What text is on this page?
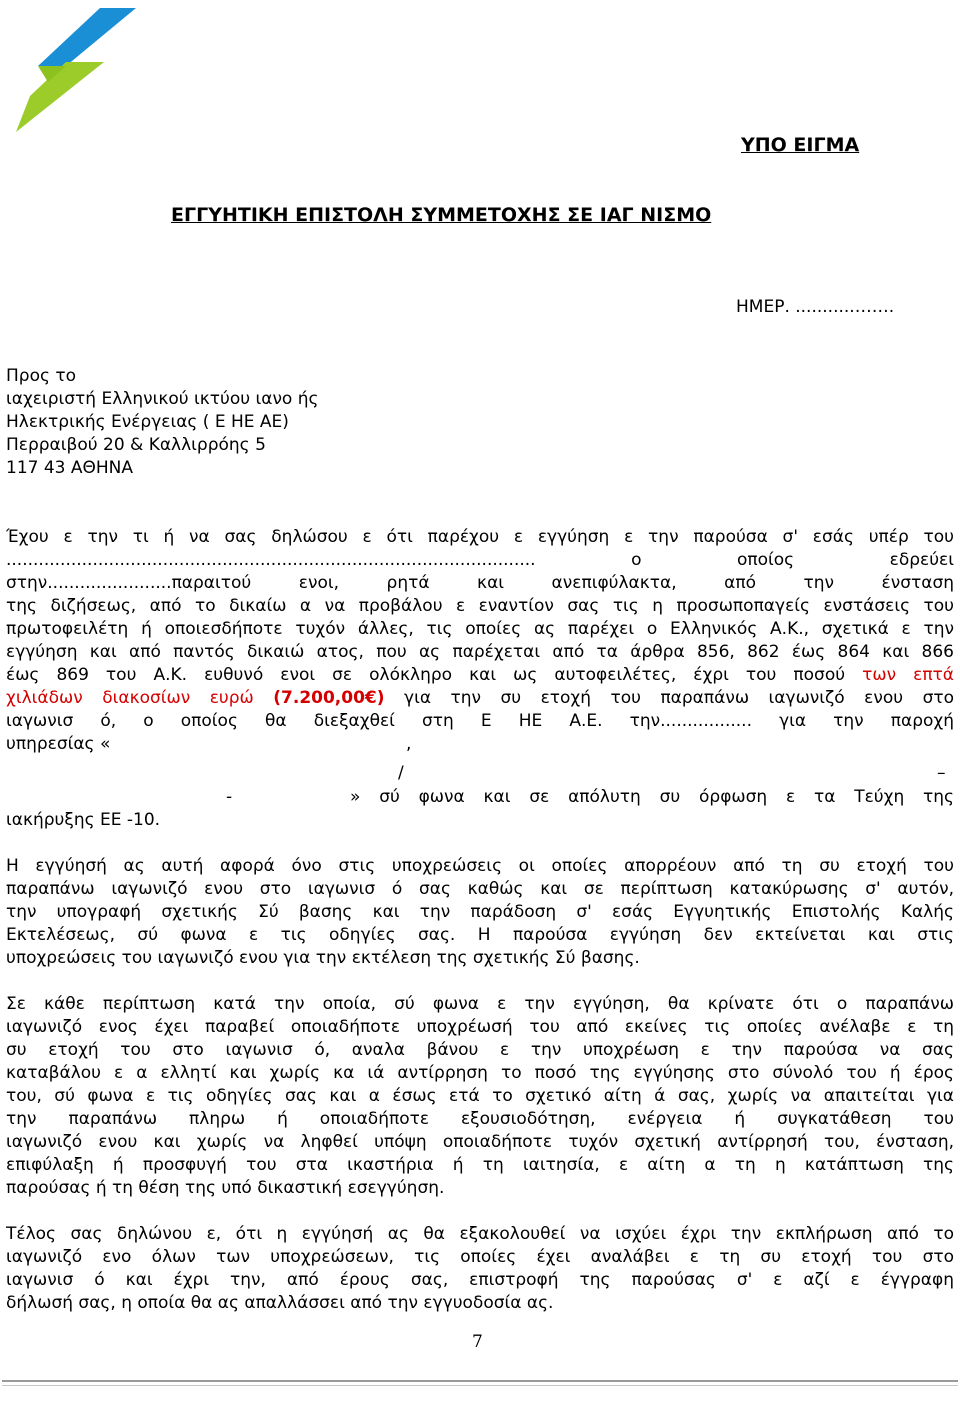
ΥΠΟ ΕΙΓΜΑ
ΕΓΓΥΗΤΙΚΗ ΕΠΙΣΤΟΛΗ ΣΥΜΜΕΤΟΧΗΣ ΣΕ ΙΑΓ ΝΙΣΜΟ
ΗΜΕΡ. ...........…….
Προς το
ιαχειριστή Ελληνικού ικτύου ιανο ής
Ηλεκτρικής Ενέργειας ( Ε ΗΕ ΑΕ)
Περραιβού 20 & Καλλιρρόης 5
117 43 ΑΘΗΝΑ
Έχου ε την τι ή να σας δηλώσου ε ότι παρέχου ε εγγύηση ε την παρούσα σ' εσάς υπέρ του
..................................................................................................	ο οποίος εδρεύει
στην.......................παραιτού ενοι, ρητά και ανεπιφύλακτα, από την ένσταση
της διζήσεως, από το δικαίω α να προβάλου ε εναντίον σας τις η προσωποπαγείς ενστάσεις του
πρωτοφειλέτη ή οποιεσδήποτε τυχόν άλλες, τις οποίες ας παρέχει ο Ελληνικός Α.Κ., σχετικά ε την
εγγύηση και από παντός δικαιώ ατος, που ας παρέχεται από τα άρθρα 856, 862 έως 864 και 866
έως 869 του Α.Κ. ευθυνό ενοι σε ολόκληρο και ως αυτοφειλέτες, έχρι του ποσού των επτά
χιλιάδων διακοσίων ευρώ (7.200,00€) για την συ ετοχή του παραπάνω ιαγωνιζό ενου στο
ιαγωνισ ό, ο οποίος θα διεξαχθεί στη Ε ΗΕ Α.Ε. την................. για την παροχή
υπηρεσίας «	,
/	–
-	» σύ φωνα και σε απόλυτη συ όρφωση ε τα Τεύχη της
ιακήρυξης ΕΕ -10.
Η εγγύησή ας αυτή αφορά όνο στις υποχρεώσεις οι οποίες απορρέουν από τη συ ετοχή του
παραπάνω ιαγωνιζό ενου στο ιαγωνισ ό σας καθώς και σε περίπτωση κατακύρωσης σ' αυτόν,
την υπογραφή σχετικής Σύ βασης και την παράδοση σ' εσάς Εγγυητικής Επιστολής Καλής
Εκτελέσεως, σύ φωνα ε τις οδηγίες σας. Η παρούσα εγγύηση δεν εκτείνεται και στις
υποχρεώσεις του ιαγωνιζό ενου για την εκτέλεση της σχετικής Σύ βασης.
Σε κάθε περίπτωση κατά την οποία, σύ φωνα ε την εγγύηση, θα κρίνατε ότι ο παραπάνω
ιαγωνιζό ενος έχει παραβεί οποιαδήποτε υποχρέωσή του από εκείνες τις οποίες ανέλαβε ε τη
συ ετοχή του στο ιαγωνισ ό, αναλα βάνου ε την υποχρέωση ε την παρούσα να σας
καταβάλου ε α ελλητί και χωρίς κα ιά αντίρρηση το ποσό της εγγύησης στο σύνολό του ή έρος
του, σύ φωνα ε τις οδηγίες σας και α έσως ετά το σχετικό αίτη ά σας, χωρίς να απαιτείται για
την παραπάνω πληρω ή οποιαδήποτε εξουσιοδότηση, ενέργεια ή συγκατάθεση του
ιαγωνιζό ενου και χωρίς να ληφθεί υπόψη οποιαδήποτε τυχόν σχετική αντίρρησή του, ένσταση,
επιφύλαξη ή προσφυγή του στα ικαστήρια ή τη ιαιτησία, ε αίτη α τη η κατάπτωση της
παρούσας ή τη θέση της υπό δικαστική εσεγγύηση.
Τέλος σας δηλώνου ε, ότι η εγγύησή ας θα εξακολουθεί να ισχύει έχρι την εκπλήρωση από το
ιαγωνιζό ενο όλων των υποχρεώσεων, τις οποίες έχει αναλάβει ε τη συ ετοχή του στο
ιαγωνισ ό και έχρι την, από έρους σας, επιστροφή της παρούσας σ' ε αζί ε έγγραφη
δήλωσή σας, η οποία θα ας απαλλάσσει από την εγγυοδοσία ας.
7
